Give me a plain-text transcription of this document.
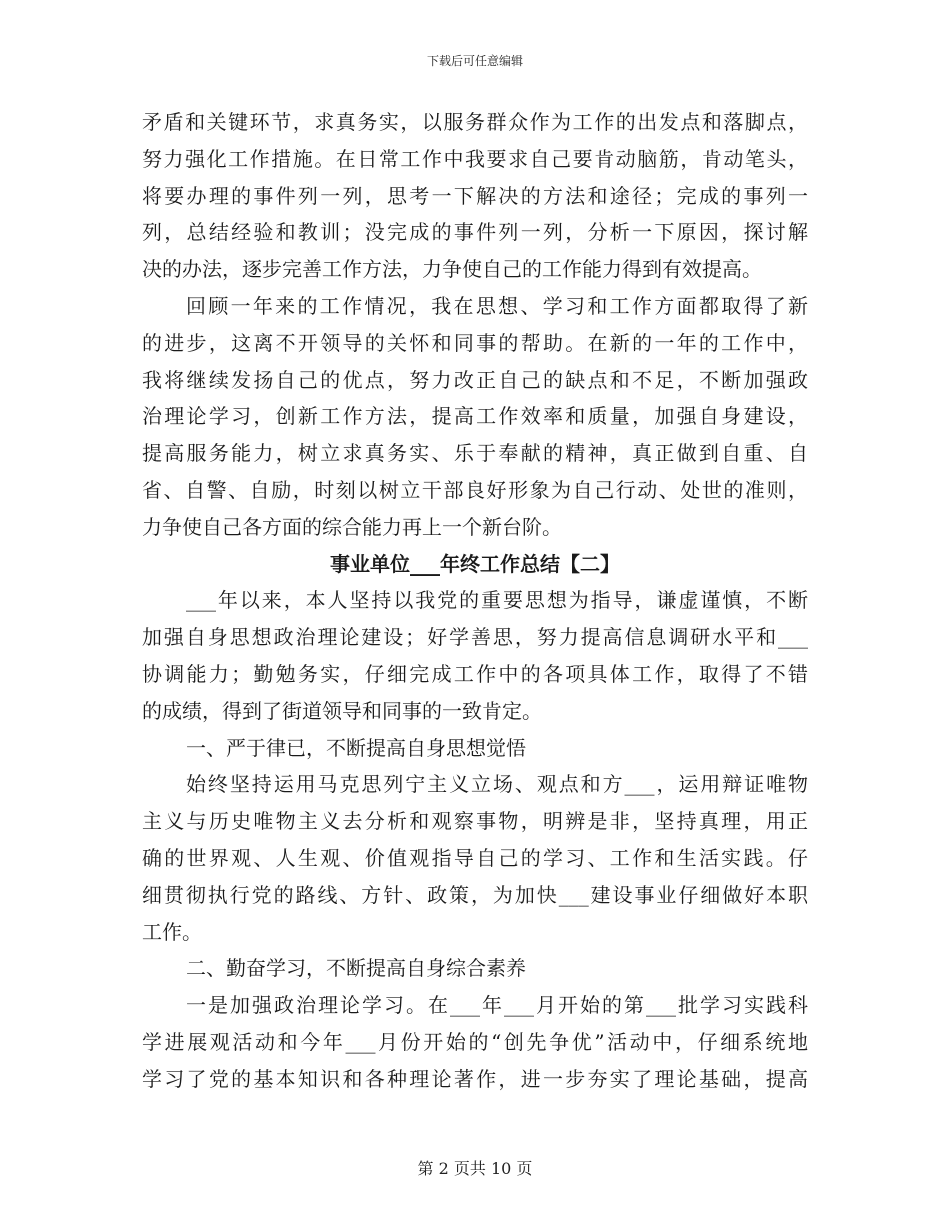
下载后可任意编辑
矛盾和关键环节，求真务实，以服务群众作为工作的出发点和落脚点，
努力强化工作措施。在日常工作中我要求自己要肯动脑筋，肯动笔头，
将要办理的事件列一列，思考一下解决的方法和途径；完成的事列一
列，总结经验和教训；没完成的事件列一列，分析一下原因，探讨解
决的办法，逐步完善工作方法，力争使自己的工作能力得到有效提高。
回顾一年来的工作情况，我在思想、学习和工作方面都取得了新
的进步，这离不开领导的关怀和同事的帮助。在新的一年的工作中，
我将继续发扬自己的优点，努力改正自己的缺点和不足，不断加强政
治理论学习，创新工作方法，提高工作效率和质量，加强自身建设，
提高服务能力，树立求真务实、乐于奉献的精神，真正做到自重、自
省、自警、自励，时刻以树立干部良好形象为自己行动、处世的准则，
力争使自己各方面的综合能力再上一个新台阶。
事业单位___年终工作总结【二】
___年以来，本人坚持以我党的重要思想为指导，谦虚谨慎，不断
加强自身思想政治理论建设；好学善思，努力提高信息调研水平和___
协调能力；勤勉务实，仔细完成工作中的各项具体工作，取得了不错
的成绩，得到了街道领导和同事的一致肯定。
一、严于律已，不断提高自身思想觉悟
始终坚持运用马克思列宁主义立场、观点和方___，运用辩证唯物
主义与历史唯物主义去分析和观察事物，明辨是非，坚持真理，用正
确的世界观、人生观、价值观指导自己的学习、工作和生活实践。仔
细贯彻执行党的路线、方针、政策，为加快___建设事业仔细做好本职
工作。
二、勤奋学习，不断提高自身综合素养
一是加强政治理论学习。在___年___月开始的第___批学习实践科
学进展观活动和今年___月份开始的“创先争优”活动中，仔细系统地
学习了党的基本知识和各种理论著作，进一步夯实了理论基础，提高
第 2 页共 10 页
